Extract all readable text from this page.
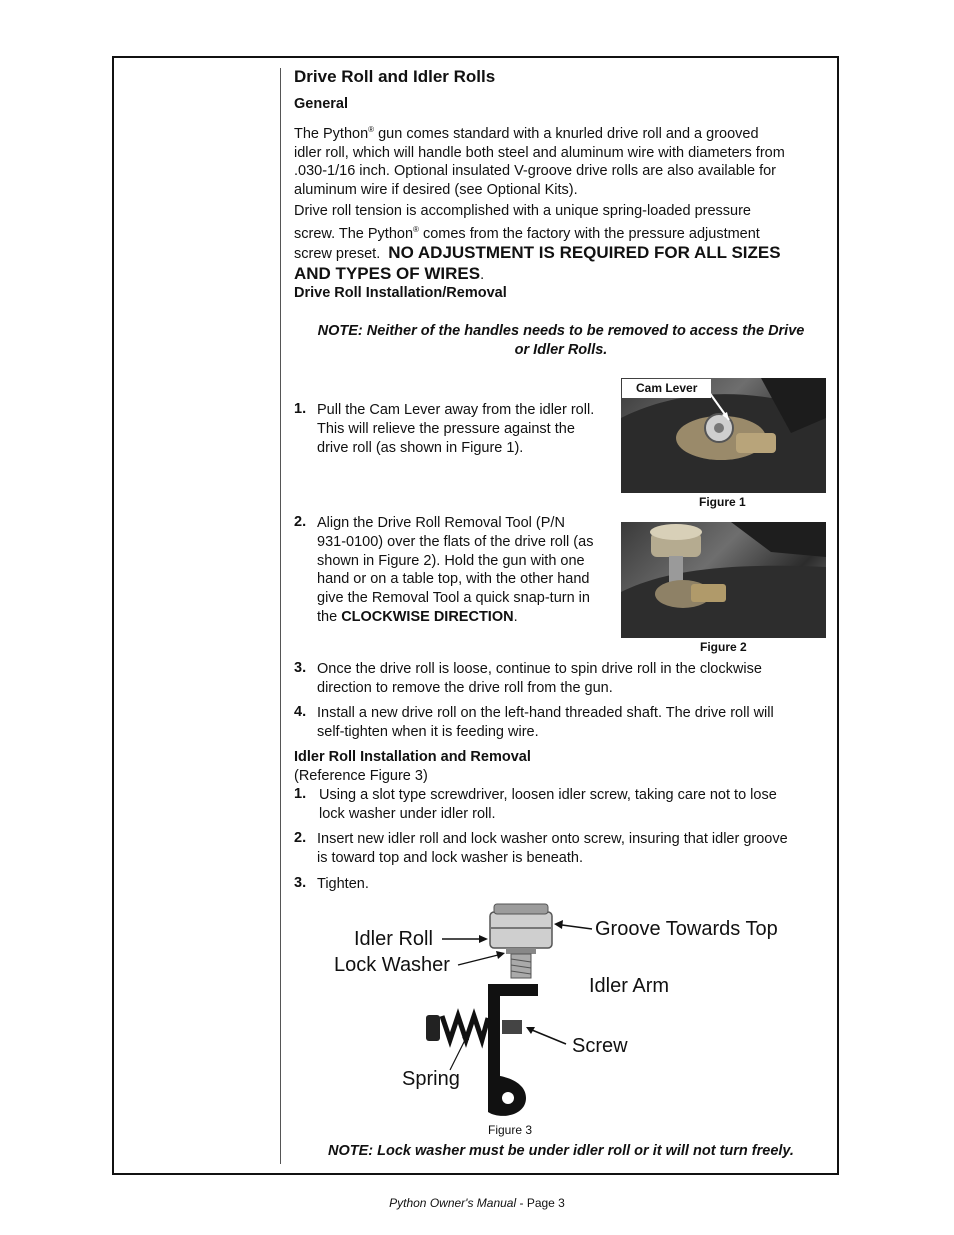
Drive Roll and Idler Rolls
General
The Python® gun comes standard with a knurled drive roll and a grooved
idler roll, which will handle both steel and aluminum wire with diameters from
.030-1/16 inch. Optional insulated V-groove drive rolls are also available for
aluminum wire if desired (see Optional Kits).
Drive roll tension is accomplished with a unique spring-loaded pressure
screw. The Python® comes from the factory with the pressure adjustment
screw preset.
NO ADJUSTMENT IS REQUIRED FOR ALL SIZES
AND TYPES OF WIRES.
Drive Roll Installation/Removal
NOTE: Neither of the handles needs to be removed to access the Drive
or Idler Rolls.
1. Pull the Cam Lever away from the idler roll.
This will relieve the pressure against the
drive roll (as shown in Figure 1).
Cam Lever
Figure 1
2. Align the Drive Roll Removal Tool (P/N
931-0100) over the flats of the drive roll (as
shown in Figure 2). Hold the gun with one
hand or on a table top, with the other hand
give the Removal Tool a quick snap-turn in
the CLOCKWISE DIRECTION.
Figure 2
3. Once the drive roll is loose, continue to spin drive roll in the clockwise
direction to remove the drive roll from the gun.
4. Install a new drive roll on the left-hand threaded shaft. The drive roll will
self-tighten when it is feeding wire.
Idler Roll Installation and Removal
(Reference Figure 3)
1. Using a slot type screwdriver, loosen idler screw, taking care not to lose
lock washer under idler roll.
2. Insert new idler roll and lock washer onto screw, insuring that idler groove
is toward top and lock washer is beneath.
3. Tighten.
Idler Roll
Lock Washer
Groove Towards Top
Idler Arm
Screw
Spring
Figure 3
NOTE: Lock washer must be under idler roll or it will not turn freely.
Python Owner's Manual - Page 3
